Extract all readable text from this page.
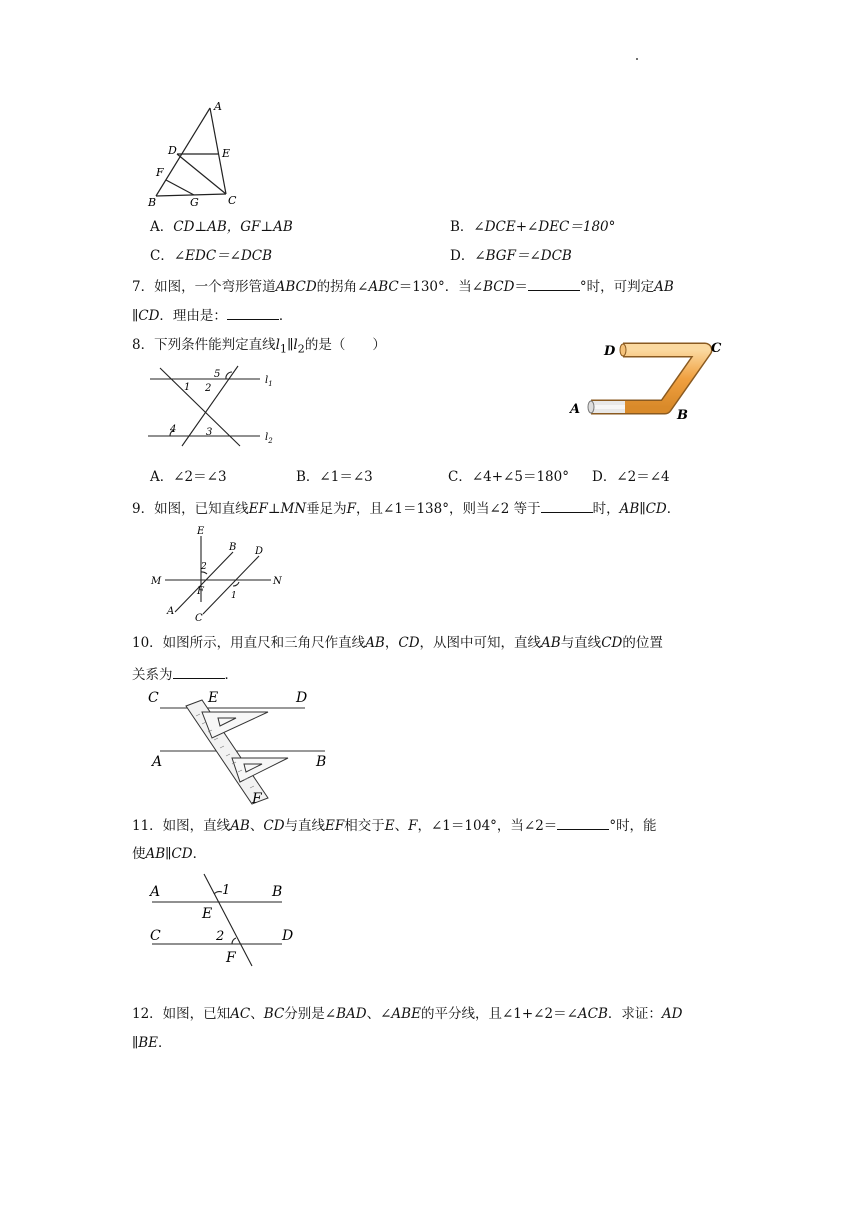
A
D	E
F
B	G	C
A．CD⊥AB，GF⊥AB	B．∠DCE+∠DEC＝180°
C．∠EDC＝∠DCB	D．∠BGF＝∠DCB
7．如图，一个弯形管道ABCD的拐角∠ABC＝130°．当∠BCD＝	°时，可判定AB
∥CD．理由是：	．
D	C
A	B
8．下列条件能判定直线$l_1\parallel l_2$的是（　　）
5
1 2
4	3
$l_1$
$l_2$
A．∠2＝∠3	B．∠1＝∠3	C．∠4+∠5＝180° D．∠2＝∠4
9．如图，已知直线EF⊥MN垂足为F，且∠1＝138°，则当∠2 等于	时，AB∥CD．
E
B D
M	N
F
A
C
1
2
10．如图所示，用直尺和三角尺作直线AB，CD，从图中可知，直线AB与直线CD的位置
关系为	．
C	E	D
A	B
F
11．如图，直线AB、CD与直线EF相交于E、F，∠1＝104°，当∠2＝	°时，能
使AB∥CD．
A	1	B
E
C	2	D
F
12．如图，已知AC、BC分别是∠BAD、∠ABE的平分线，且∠1+∠2＝∠ACB．求证：AD
∥BE．
